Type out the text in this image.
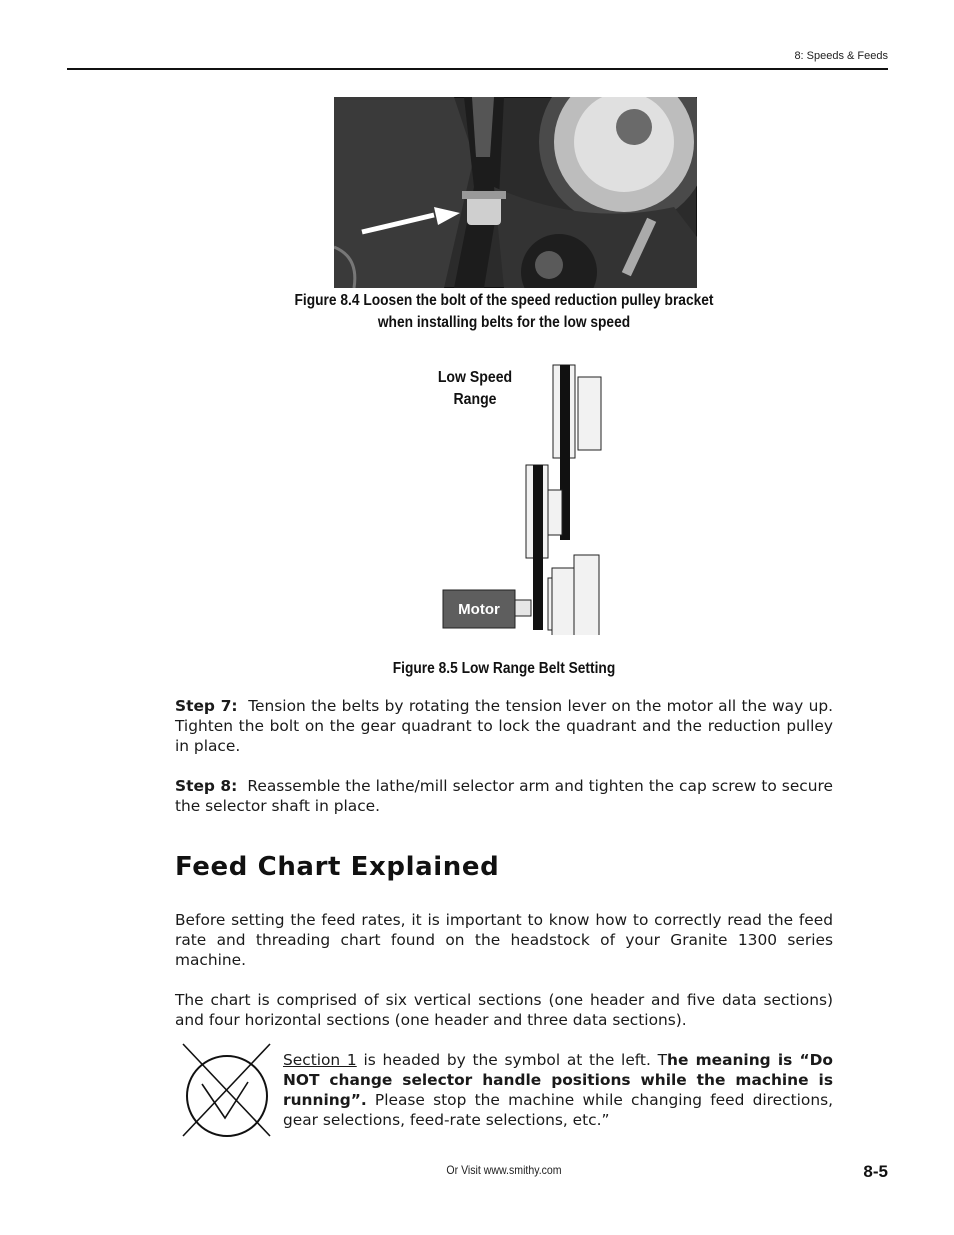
8: Speeds & Feeds
Figure 8.4 Loosen the bolt of the speed reduction pulley bracket
when installing belts for the low speed
Low Speed
Range
Motor
Figure 8.5 Low Range Belt Setting
Step 7: Tension the belts by rotating the tension lever on the motor all the way up. Tighten the bolt on the gear quadrant to lock the quadrant and the reduction pulley in place.
Step 8: Reassemble the lathe/mill selector arm and tighten the cap screw to secure the selector shaft in place.
Feed Chart Explained
Before setting the feed rates, it is important to know how to correctly read the feed rate and threading chart found on the headstock of your Granite 1300 series machine.
The chart is comprised of six vertical sections (one header and five data sections) and four horizontal sections (one header and three data sections).
Section 1 is headed by the symbol at the left. The meaning is “Do NOT change selector handle positions while the machine is running”. Please stop the machine while changing feed directions, gear selections, feed-rate selections, etc.”
Or Visit www.smithy.com	8-5
